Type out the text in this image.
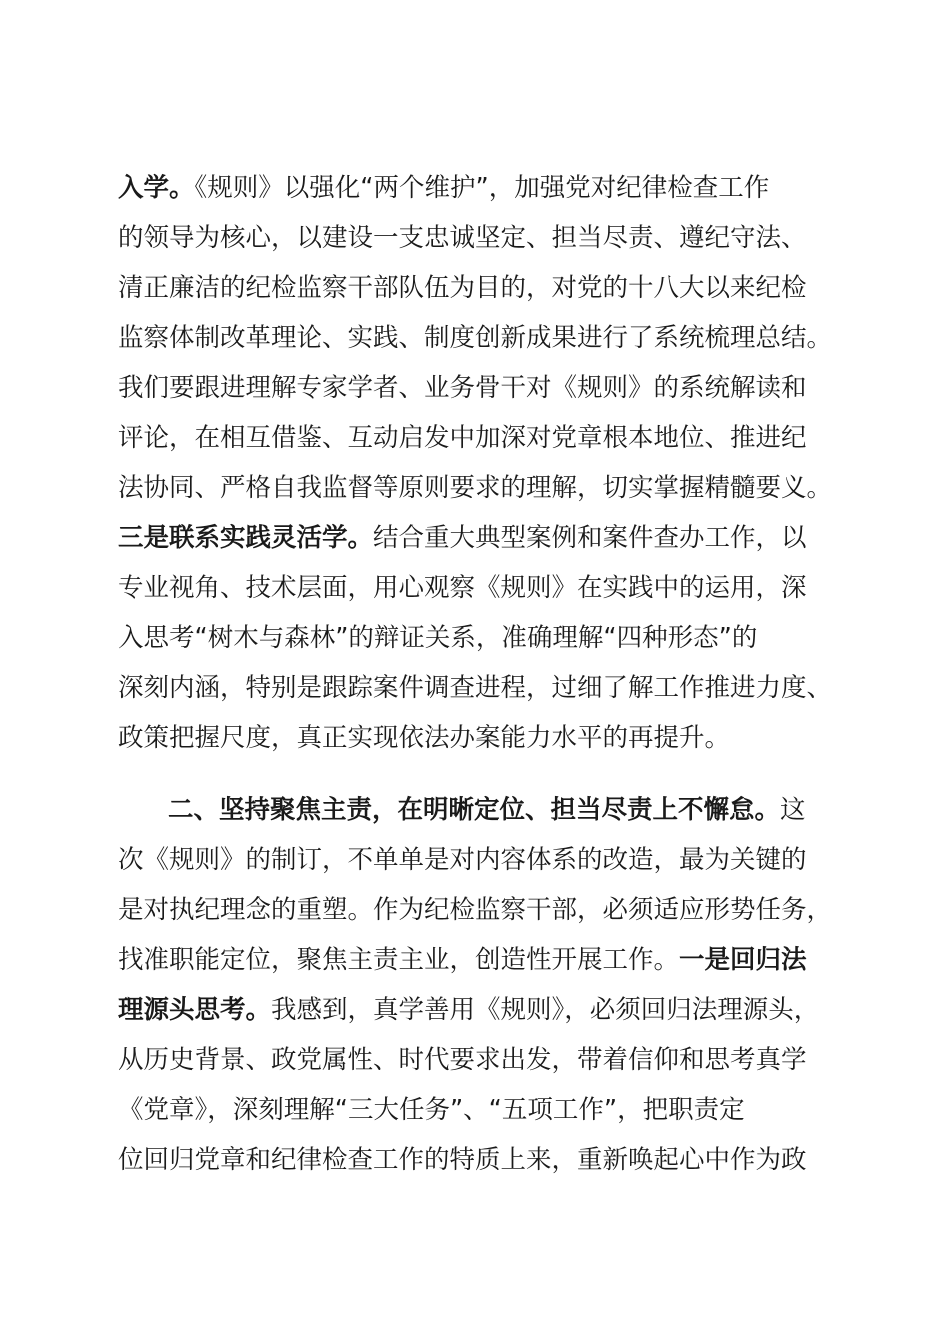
入学。《规则》以强化“两个维护”，加强党对纪律检查工作
的领导为核心，以建设一支忠诚坚定、担当尽责、遵纪守法、
清正廉洁的纪检监察干部队伍为目的，对党的十八大以来纪检
监察体制改革理论、实践、制度创新成果进行了系统梳理总结。
我们要跟进理解专家学者、业务骨干对《规则》的系统解读和
评论，在相互借鉴、互动启发中加深对党章根本地位、推进纪
法协同、严格自我监督等原则要求的理解，切实掌握精髓要义。
三是联系实践灵活学。结合重大典型案例和案件查办工作，以
专业视角、技术层面，用心观察《规则》在实践中的运用，深
入思考“树木与森林”的辩证关系，准确理解“四种形态”的
深刻内涵，特别是跟踪案件调查进程，过细了解工作推进力度、
政策把握尺度，真正实现依法办案能力水平的再提升。
二、坚持聚焦主责，在明晰定位、担当尽责上不懈怠。这
次《规则》的制订，不单单是对内容体系的改造，最为关键的
是对执纪理念的重塑。作为纪检监察干部，必须适应形势任务，
找准职能定位，聚焦主责主业，创造性开展工作。一是回归法
理源头思考。我感到，真学善用《规则》，必须回归法理源头，
从历史背景、政党属性、时代要求出发，带着信仰和思考真学
《党章》，深刻理解“三大任务”、“五项工作”，把职责定
位回归党章和纪律检查工作的特质上来，重新唤起心中作为政
